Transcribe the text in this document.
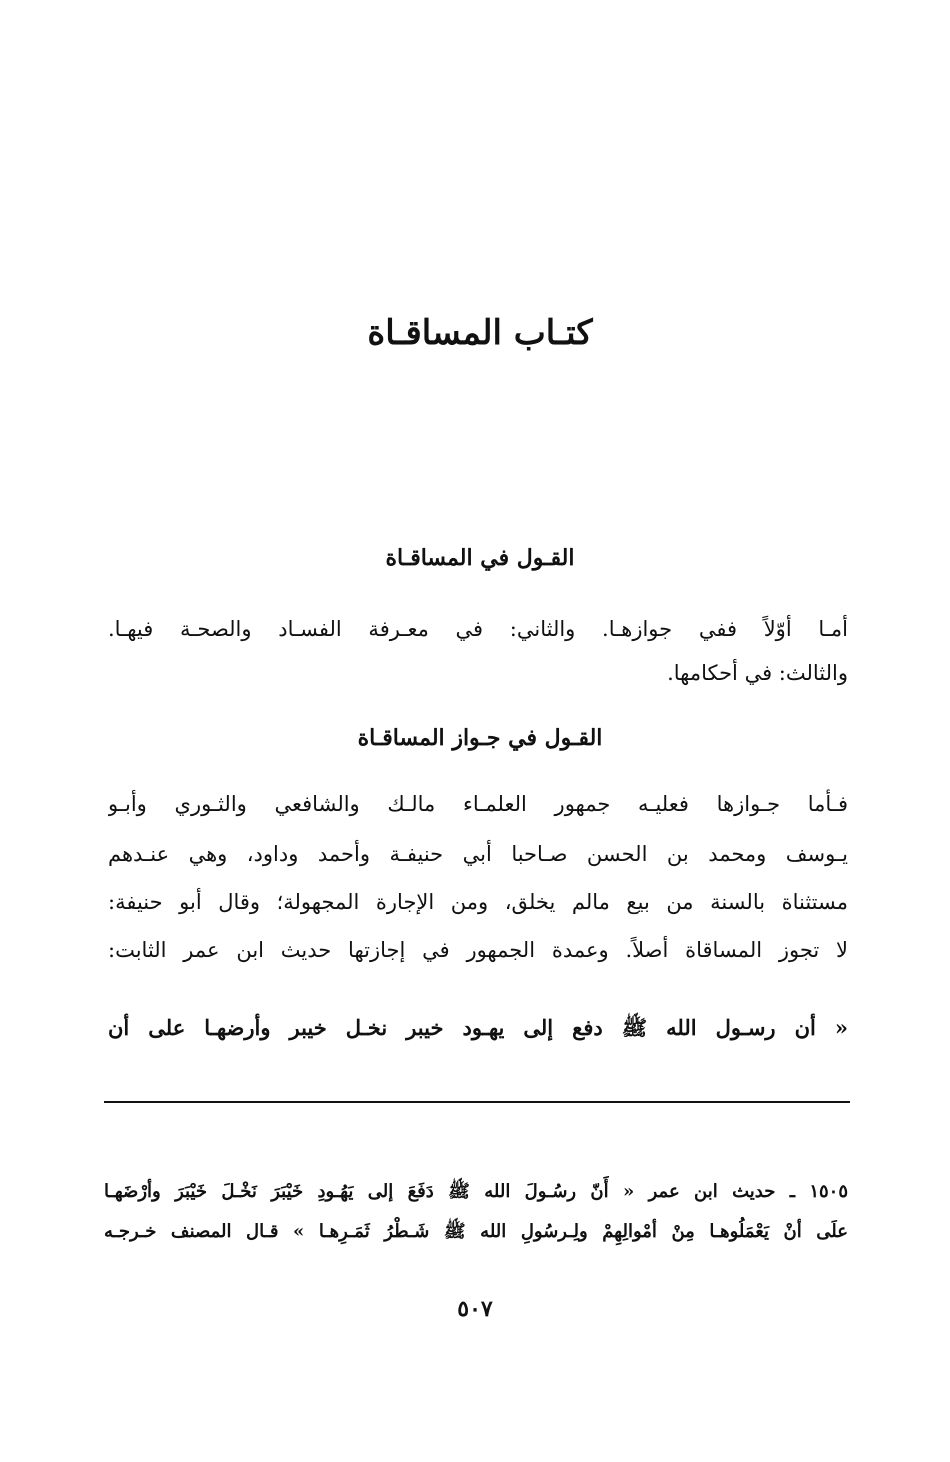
كتـاب المساقـاة
القـول في المساقـاة
أمـا أوّلاً ففي جوازهـا. والثاني: في معـرفة الفسـاد والصحـة فيهـا.
والثالث: في أحكامها.
القـول في جـواز المساقـاة
فـأما جـوازها فعليـه جمهور العلمـاء مالـك والشافعي والثـوري وأبـو
يـوسف ومحمد بن الحسن صـاحبا أبي حنيفـة وأحمد وداود، وهي عنـدهم
مستثناة بالسنة من بيع مالم يخلق، ومن الإجارة المجهولة؛ وقال أبو حنيفة:
لا تجوز المساقاة أصلاً. وعمدة الجمهور في إجازتها حديث ابن عمر الثابت:
« أن رسـول الله ﷺ دفع إلى يهـود خيبر نخـل خيبر وأرضهـا على أن
١٥٠٥ ـ حديث ابن عمر « أَنّ رسُـولَ الله ﷺ دَفَعَ إلى يَهُـودِ خَيْبَرَ نَخْـلَ خَيْبَرَ وأرْضَهـا
علَى أنْ يَعْمَلُوهـا مِنْ أمْوالِهِمْ ولِـرسُولِ الله ﷺ شَـطْرُ ثَمَـرِهـا » قـال المصنف خـرجـه
٥٠٧
